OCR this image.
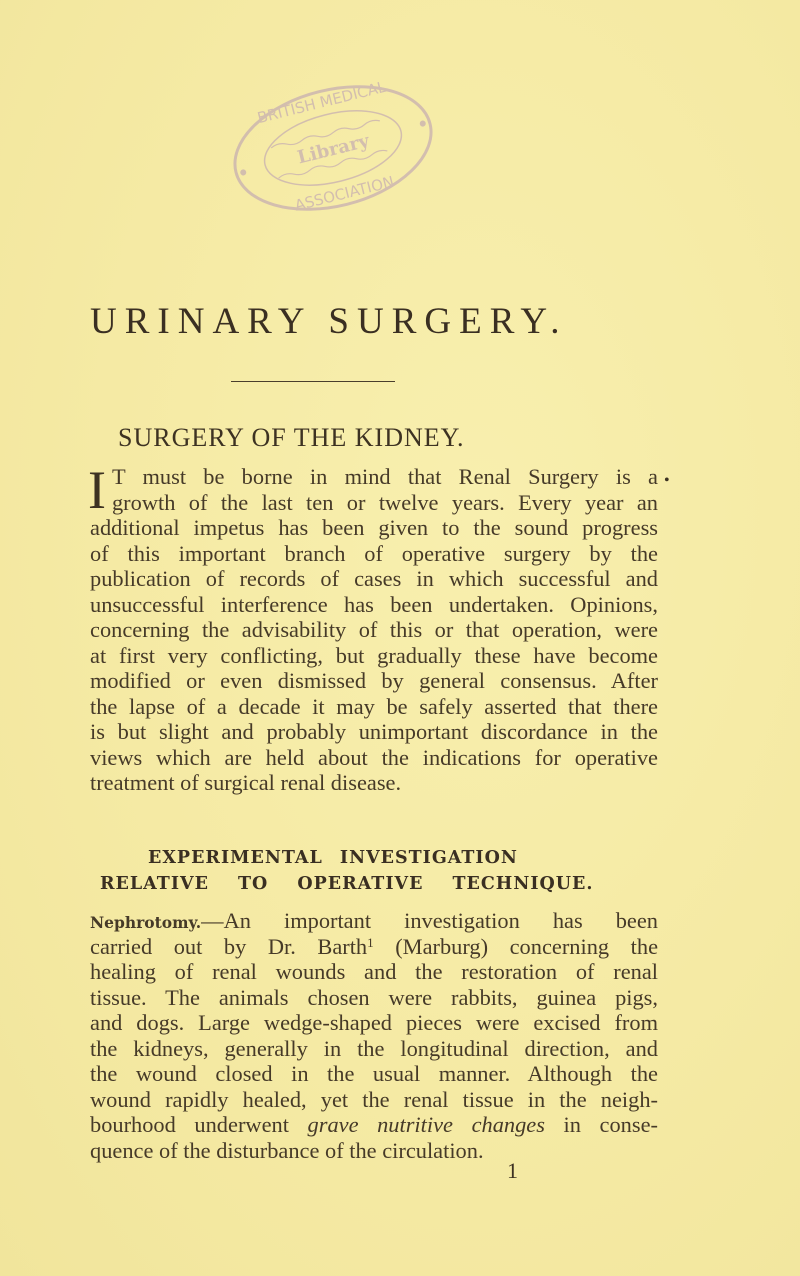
BRITISH MEDICAL
Library
ASSOCIATION
URINARY SURGERY.
SURGERY OF THE KIDNEY.
•
I T must be borne in mind that Renal Surgery is a
growth of the last ten or twelve years. Every year an
additional impetus has been given to the sound progress
of this important branch of operative surgery by the
publication of records of cases in which successful and
unsuccessful interference has been undertaken. Opinions,
concerning the advisability of this or that operation, were
at first very conflicting, but gradually these have become
modified or even dismissed by general consensus. After
the lapse of a decade it may be safely asserted that there
is but slight and probably unimportant discordance in the
views which are held about the indications for operative
treatment of surgical renal disease.
EXPERIMENTAL INVESTIGATION
RELATIVE TO OPERATIVE TECHNIQUE.
Nephrotomy.—An important investigation has been
carried out by Dr. Barth$^1$ (Marburg) concerning the
healing of renal wounds and the restoration of renal
tissue. The animals chosen were rabbits, guinea pigs,
and dogs. Large wedge-shaped pieces were excised from
the kidneys, generally in the longitudinal direction, and
the wound closed in the usual manner. Although the
wound rapidly healed, yet the renal tissue in the neigh-
bourhood underwent grave nutritive changes in conse-
quence of the disturbance of the circulation.
1
